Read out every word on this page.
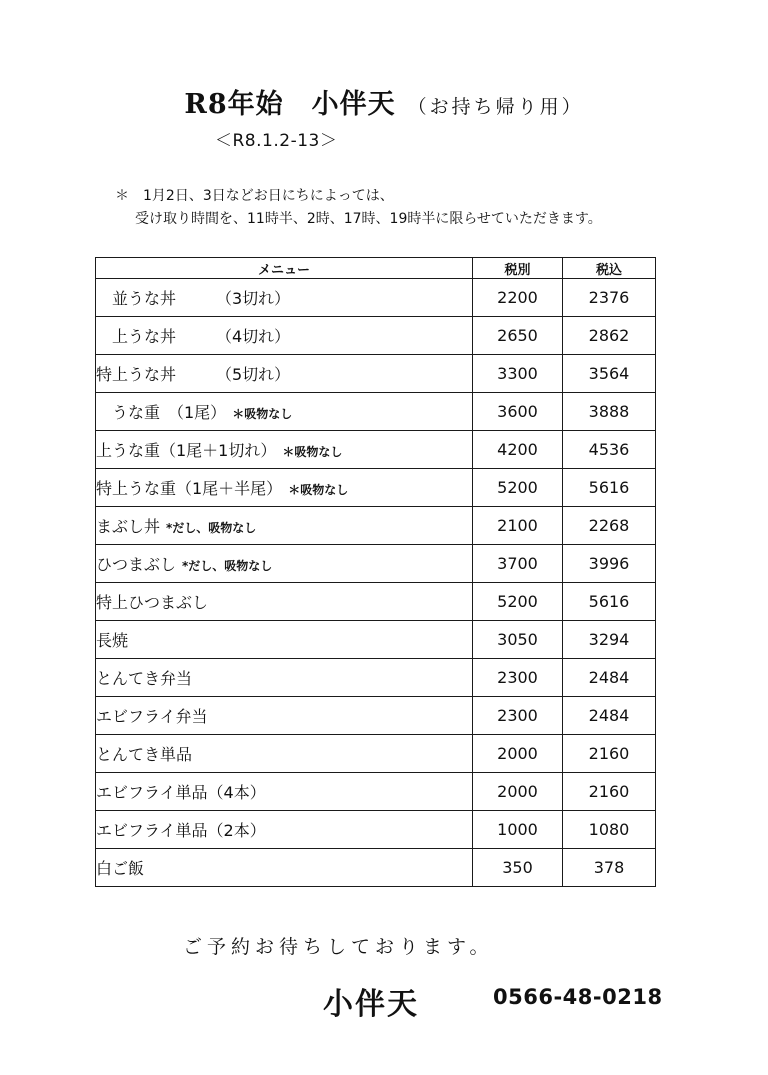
R8年始　小伴天 （お持ち帰り用）
＜R8.1.2-13＞
＊ 1月2日、3日などお日にちによっては、
受け取り時間を、11時半、2時、17時、19時半に限らせていただきます。
メニュー	税別	税込
　並うな丼　　　（3切れ）	2200	2376
　上うな丼　　　（4切れ）	2650	2862
特上うな丼　　　（5切れ）	3300	3564
　うな重　（1尾） ＊吸物なし	3600	3888
上うな重（1尾＋1切れ） ＊吸物なし	4200	4536
特上うな重（1尾＋半尾） ＊吸物なし	5200	5616
まぶし丼 *だし、吸物なし	2100	2268
ひつまぶし *だし、吸物なし	3700	3996
特上ひつまぶし	5200	5616
長焼	3050	3294
とんてき弁当	2300	2484
エビフライ弁当	2300	2484
とんてき単品	2000	2160
エビフライ単品（4本）	2000	2160
エビフライ単品（2本）	1000	1080
白ご飯	350	378
ご予約お待ちしております。
小伴天	0566-48-0218
